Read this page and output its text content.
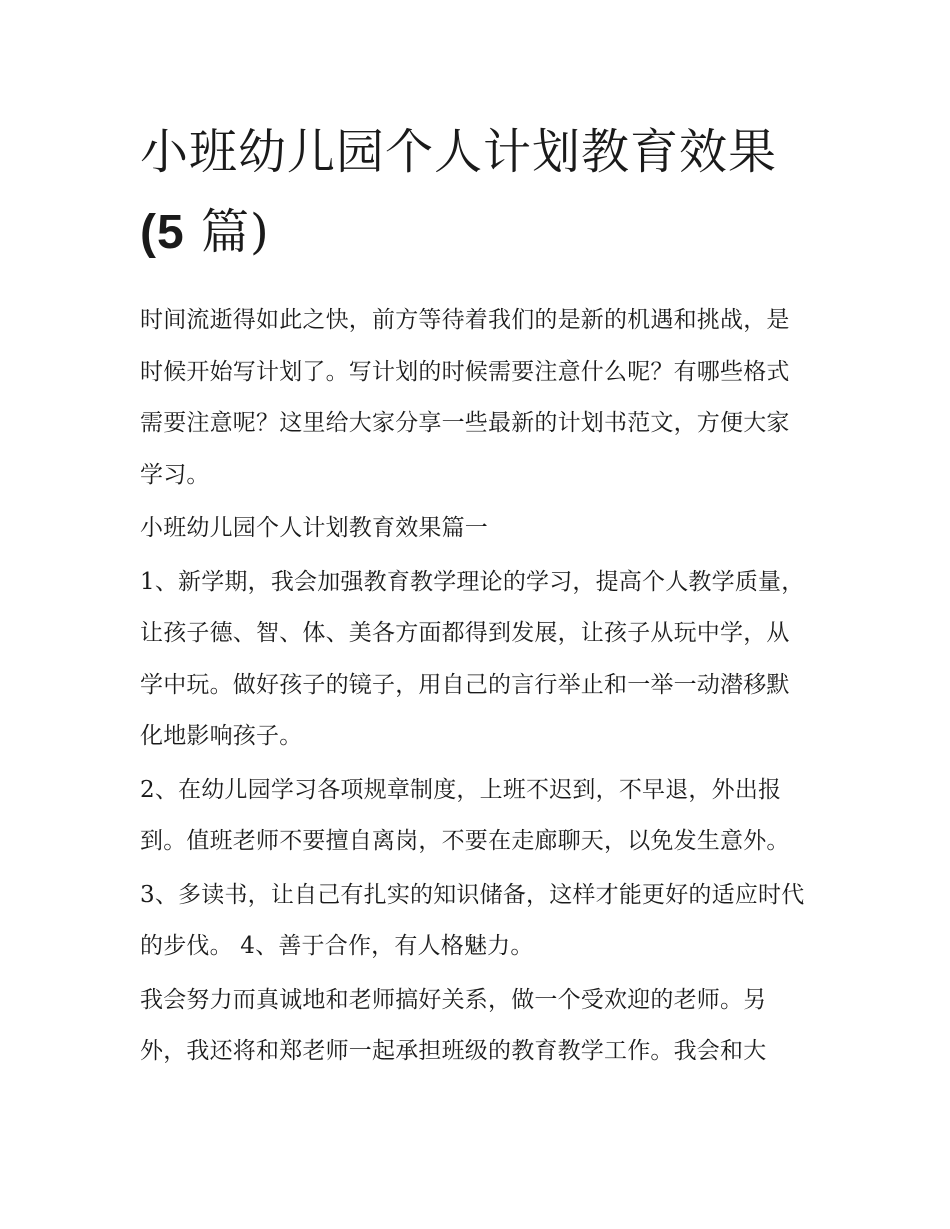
小班幼儿园个人计划教育效果
(5 篇)

时间流逝得如此之快，前方等待着我们的是新的机遇和挑战，是时候开始写计划了。写计划的时候需要注意什么呢？有哪些格式需要注意呢？这里给大家分享一些最新的计划书范文，方便大家学习。

小班幼儿园个人计划教育效果篇一

1、新学期，我会加强教育教学理论的学习，提高个人教学质量，让孩子德、智、体、美各方面都得到发展，让孩子从玩中学，从学中玩。做好孩子的镜子，用自己的言行举止和一举一动潜移默化地影响孩子。

2、在幼儿园学习各项规章制度，上班不迟到，不早退，外出报到。值班老师不要擅自离岗，不要在走廊聊天，以免发生意外。

3、多读书，让自己有扎实的知识储备，这样才能更好的适应时代的步伐。 4、善于合作，有人格魅力。

我会努力而真诚地和老师搞好关系，做一个受欢迎的老师。另外，我还将和郑老师一起承担班级的教育教学工作。我会和大
